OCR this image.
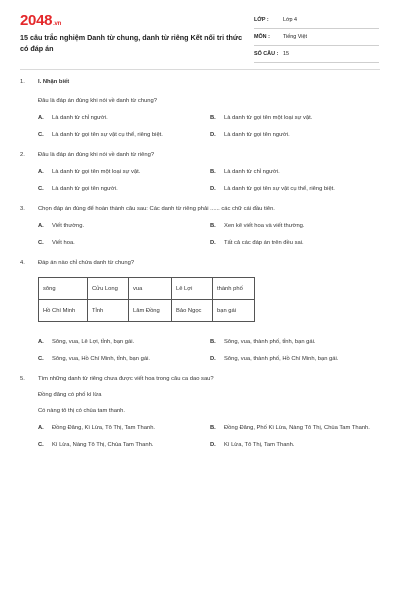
2048.vn
15 câu trắc nghiệm Danh từ chung, danh từ riêng Kết nối tri thức có đáp án
LỚP :	Lớp 4
MÔN : Tiếng Việt
SỐ CÂU : 15
1. I. Nhận biết
Đâu là đáp án đúng khi nói về danh từ chung?
A. Là danh từ chỉ người.	B. Là danh từ gọi tên một loại sự vật.
C. Là danh từ gọi tên sự vật cụ thể, riêng biệt.	D. Là danh từ gọi tên người.
2. Đâu là đáp án đúng khi nói về danh từ riêng?
A. Là danh từ gọi tên một loại sự vật.	B. Là danh từ chỉ người.
C. Là danh từ gọi tên người.	D. Là danh từ gọi tên sự vật cụ thể, riêng biệt.
3. Chọn đáp án đúng để hoàn thành câu sau: Các danh từ riêng phải ...... các chữ cái đầu tiên.
A. Viết thường.	B. Xen kẽ viết hoa và viết thường.
C. Viết hoa.	D. Tất cả các đáp án trên đều sai.
4. Đáp án nào chỉ chứa danh từ chung?
sông	Cửu Long	vua	Lê Lợi	thành phố
Hồ Chí Minh	Tỉnh	Lâm Đồng	Bảo Ngọc	bạn gái
A. Sông, vua, Lê Lợi, tỉnh, bạn gái.	B. Sông, vua, thành phố, tỉnh, bạn gái.
C. Sông, vua, Hồ Chí Minh, tỉnh, bạn gái.	D. Sông, vua, thành phố, Hồ Chí Minh, bạn gái.
5. Tìm những danh từ riêng chưa được viết hoa trong câu ca dao sau?
Đồng đăng có phố kì lừa
Có nàng tô thị có chùa tam thanh.
A. Đồng Đăng, Kì Lừa, Tô Thị, Tam Thanh.	B. Đồng Đăng, Phố Kì Lừa, Nàng Tô Thị, Chùa Tam Thanh.
C. Kì Lừa, Nàng Tô Thị, Chùa Tam Thanh.	D. Kì Lừa, Tô Thị, Tam Thanh.
